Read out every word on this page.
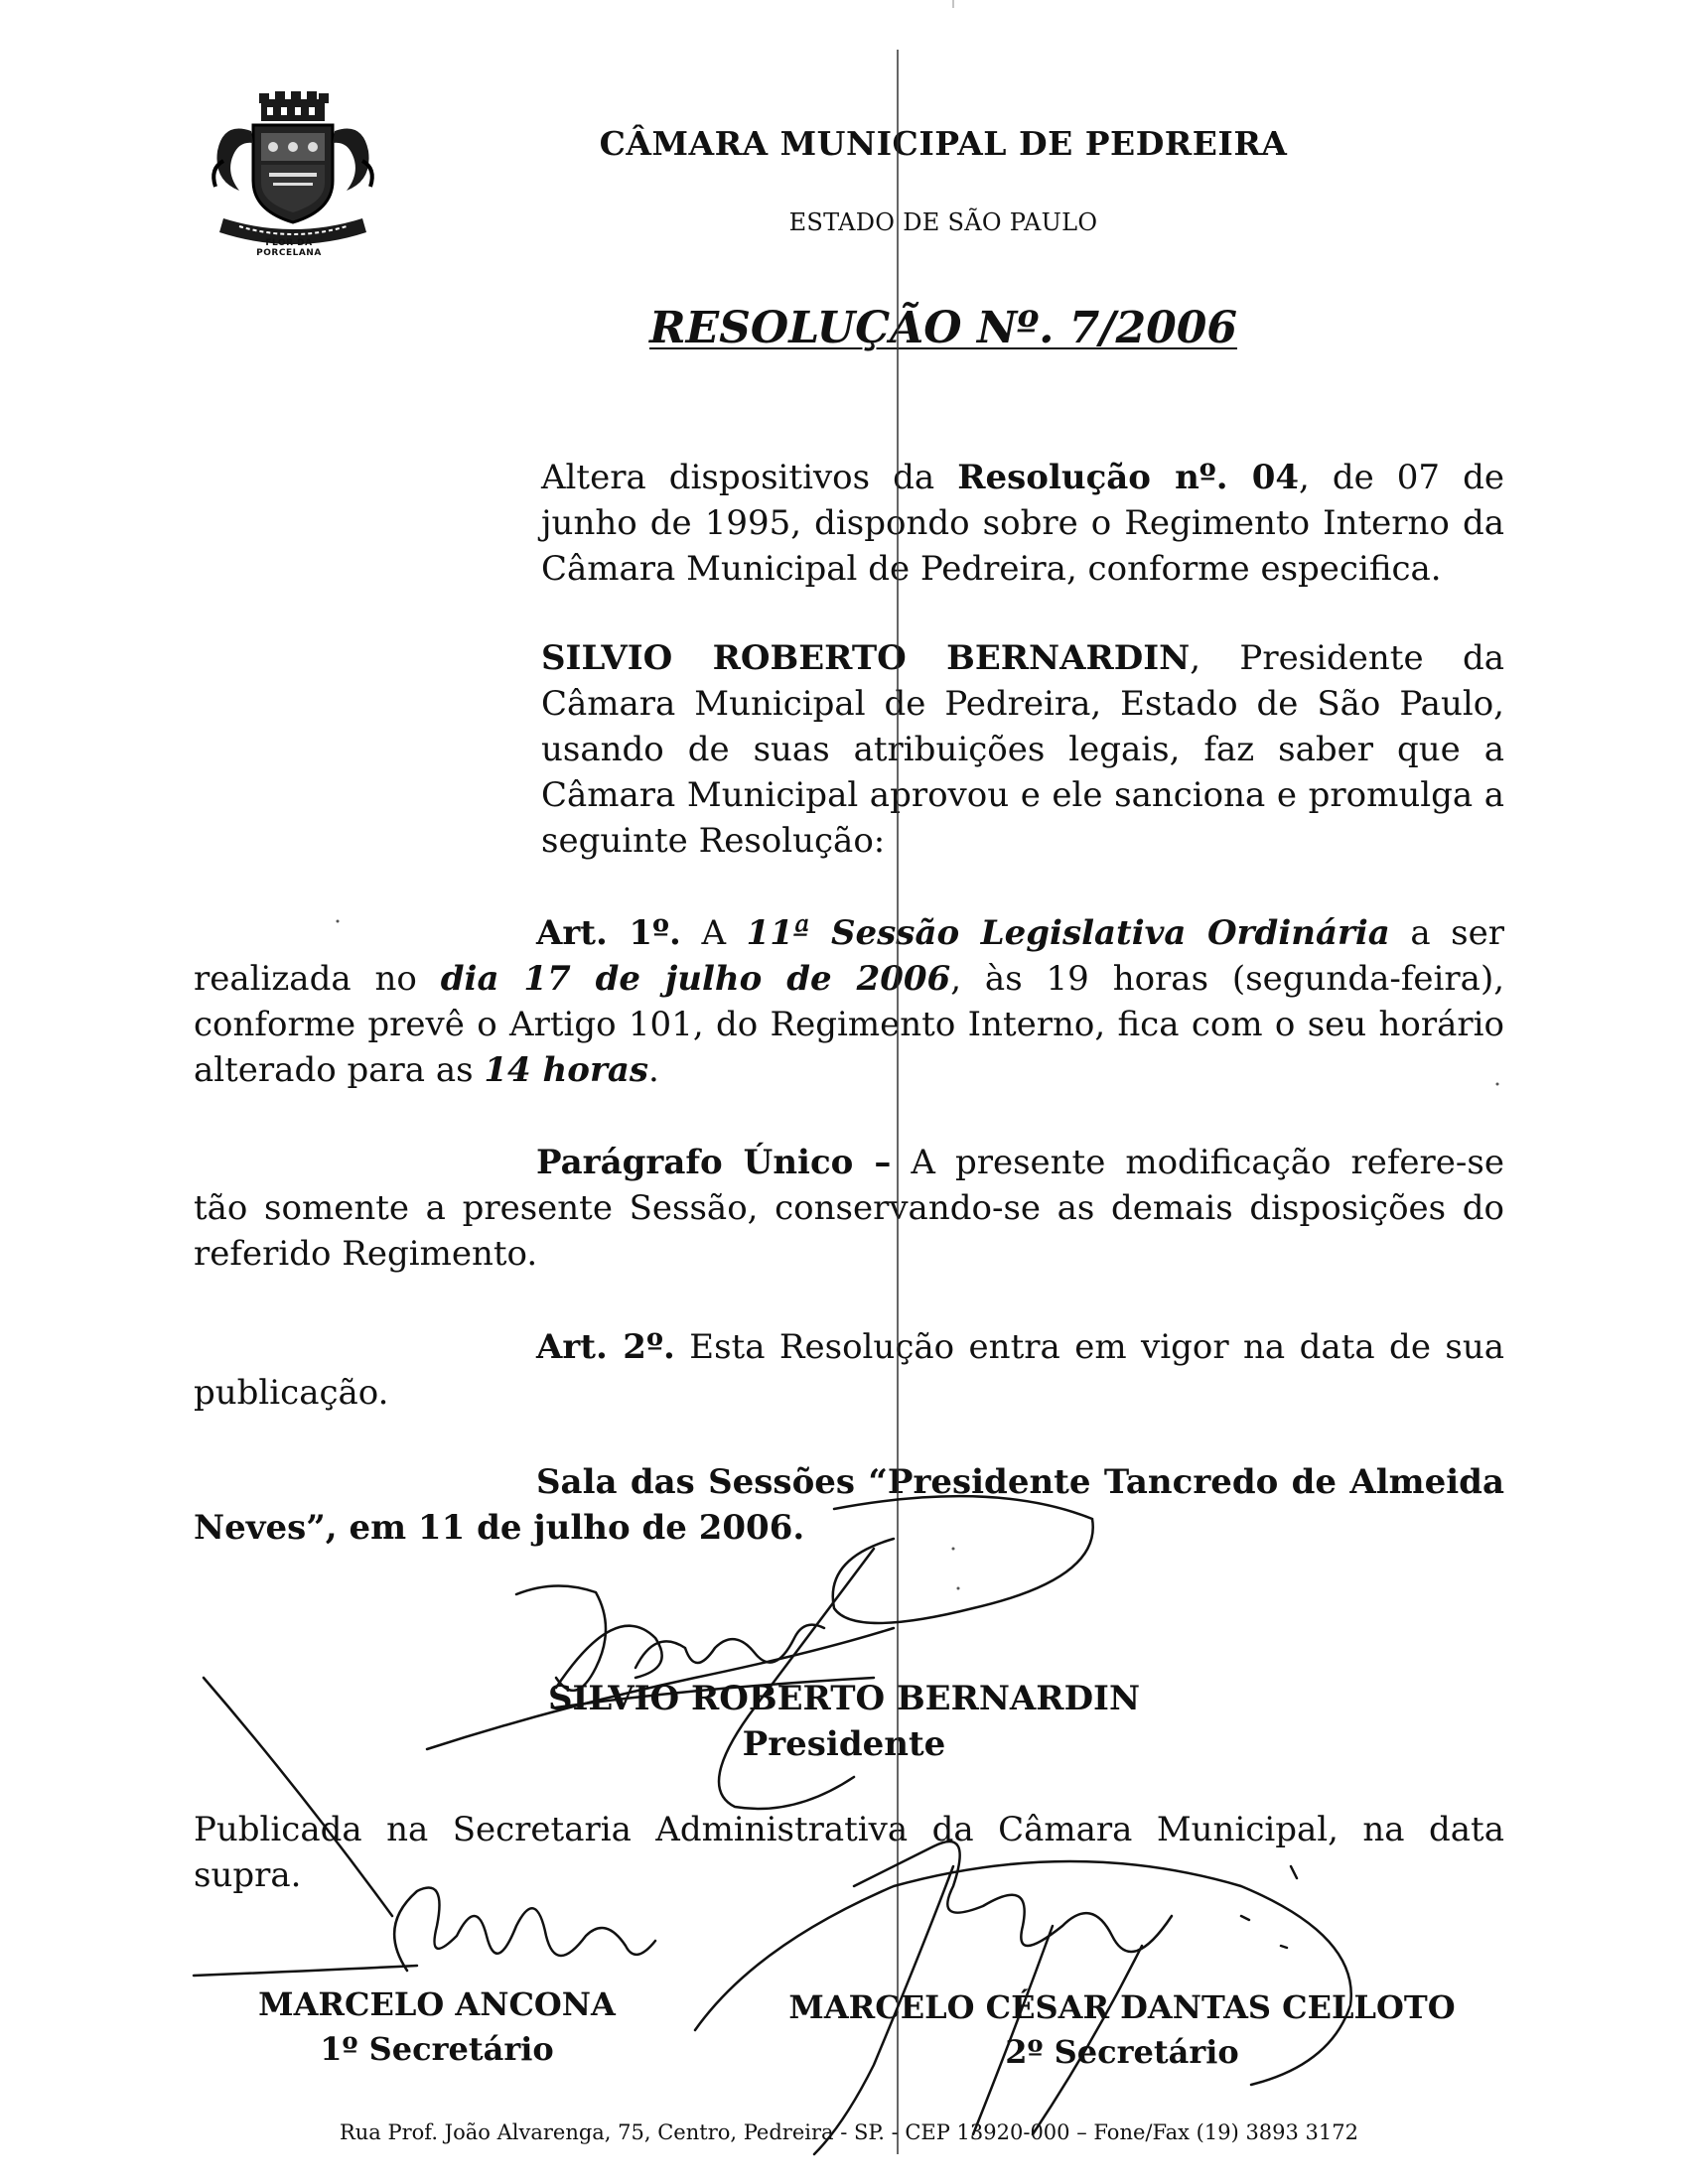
FLOR DA
PORCELANA
CÂMARA MUNICIPAL DE PEDREIRA
ESTADO DE SÃO PAULO
RESOLUÇÃO Nº. 7/2006

Altera dispositivos da Resolução nº. 04, de 07 de junho de 1995, dispondo sobre o Regimento Interno da Câmara Municipal de Pedreira, conforme especifica.

SILVIO ROBERTO BERNARDIN, Presidente da Câmara Municipal de Pedreira, Estado de São Paulo, usando de suas atribuições legais, faz saber que a Câmara Municipal aprovou e ele sanciona e promulga a seguinte Resolução:

Art. 1º. A 11ª Sessão Legislativa Ordinária a ser realizada no dia 17 de julho de 2006, às 19 horas (segunda-feira), conforme prevê o Artigo 101, do Regimento Interno, fica com o seu horário alterado para as 14 horas.

Parágrafo Único – A presente modificação refere-se tão somente a presente Sessão, conservando-se as demais disposições do referido Regimento.

Art. 2º. Esta Resolução entra em vigor na data de sua publicação.

Sala das Sessões “Presidente Tancredo de Almeida Neves”, em 11 de julho de 2006.

SILVIO ROBERTO BERNARDIN
Presidente
Publicada na Secretaria Administrativa da Câmara Municipal, na data supra.
MARCELO ANCONA
1º Secretário
MARCELO CÉSAR DANTAS CELLOTO
2º Secretário
Rua Prof. João Alvarenga, 75, Centro, Pedreira - SP. - CEP 13920-000 – Fone/Fax (19) 3893 3172
